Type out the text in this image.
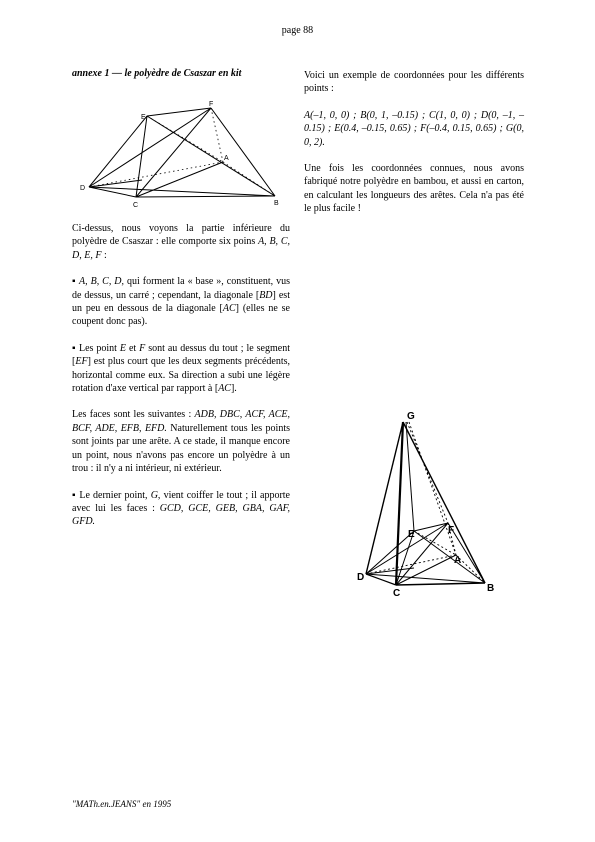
page 88
annexe 1 — le polyèdre de Csaszar en kit
E
F
A
D
C	B

Ci-dessus, nous voyons la partie inférieure du polyèdre de Csaszar : elle comporte six poins A, B, C, D, E, F :

▪ A, B, C, D, qui forment la « base », constituent, vus de dessus, un carré ; cependant, la diagonale [BD] est un peu en dessous de la diagonale [AC] (elles ne se coupent donc pas).

▪ Les point E et F sont au dessus du tout ; le segment [EF] est plus court que les deux segments précédents, horizontal comme eux. Sa direction a subi une légère rotation d'axe vertical par rapport à [AC].

Les faces sont les suivantes : ADB, DBC, ACF, ACE, BCF, ADE, EFB, EFD. Naturellement tous les points sont joints par une arête. A ce stade, il manque encore un point, nous n'avons pas encore un polyèdre à un trou : il n'y a ni intérieur, ni extérieur.

▪ Le dernier point, G, vient coiffer le tout ; il apporte avec lui les faces : GCD, GCE, GEB, GBA, GAF, GFD.

Voici un exemple de coordonnées pour les différents points :

A(–1, 0, 0) ; B(0, 1, –0.15) ; C(1, 0, 0) ; D(0, –1, –0.15) ; E(0.4, –0.15, 0.65) ; F(–0.4, 0.15, 0.65) ; G(0, 0, 2).

Une fois les coordonnées connues, nous avons fabriqué notre polyèdre en bambou, et aussi en carton, en calculant les longueurs des arêtes. Cela n'a pas été le plus facile !

G
E	F
A
D
C	B
"MATh.en.JEANS" en 1995
